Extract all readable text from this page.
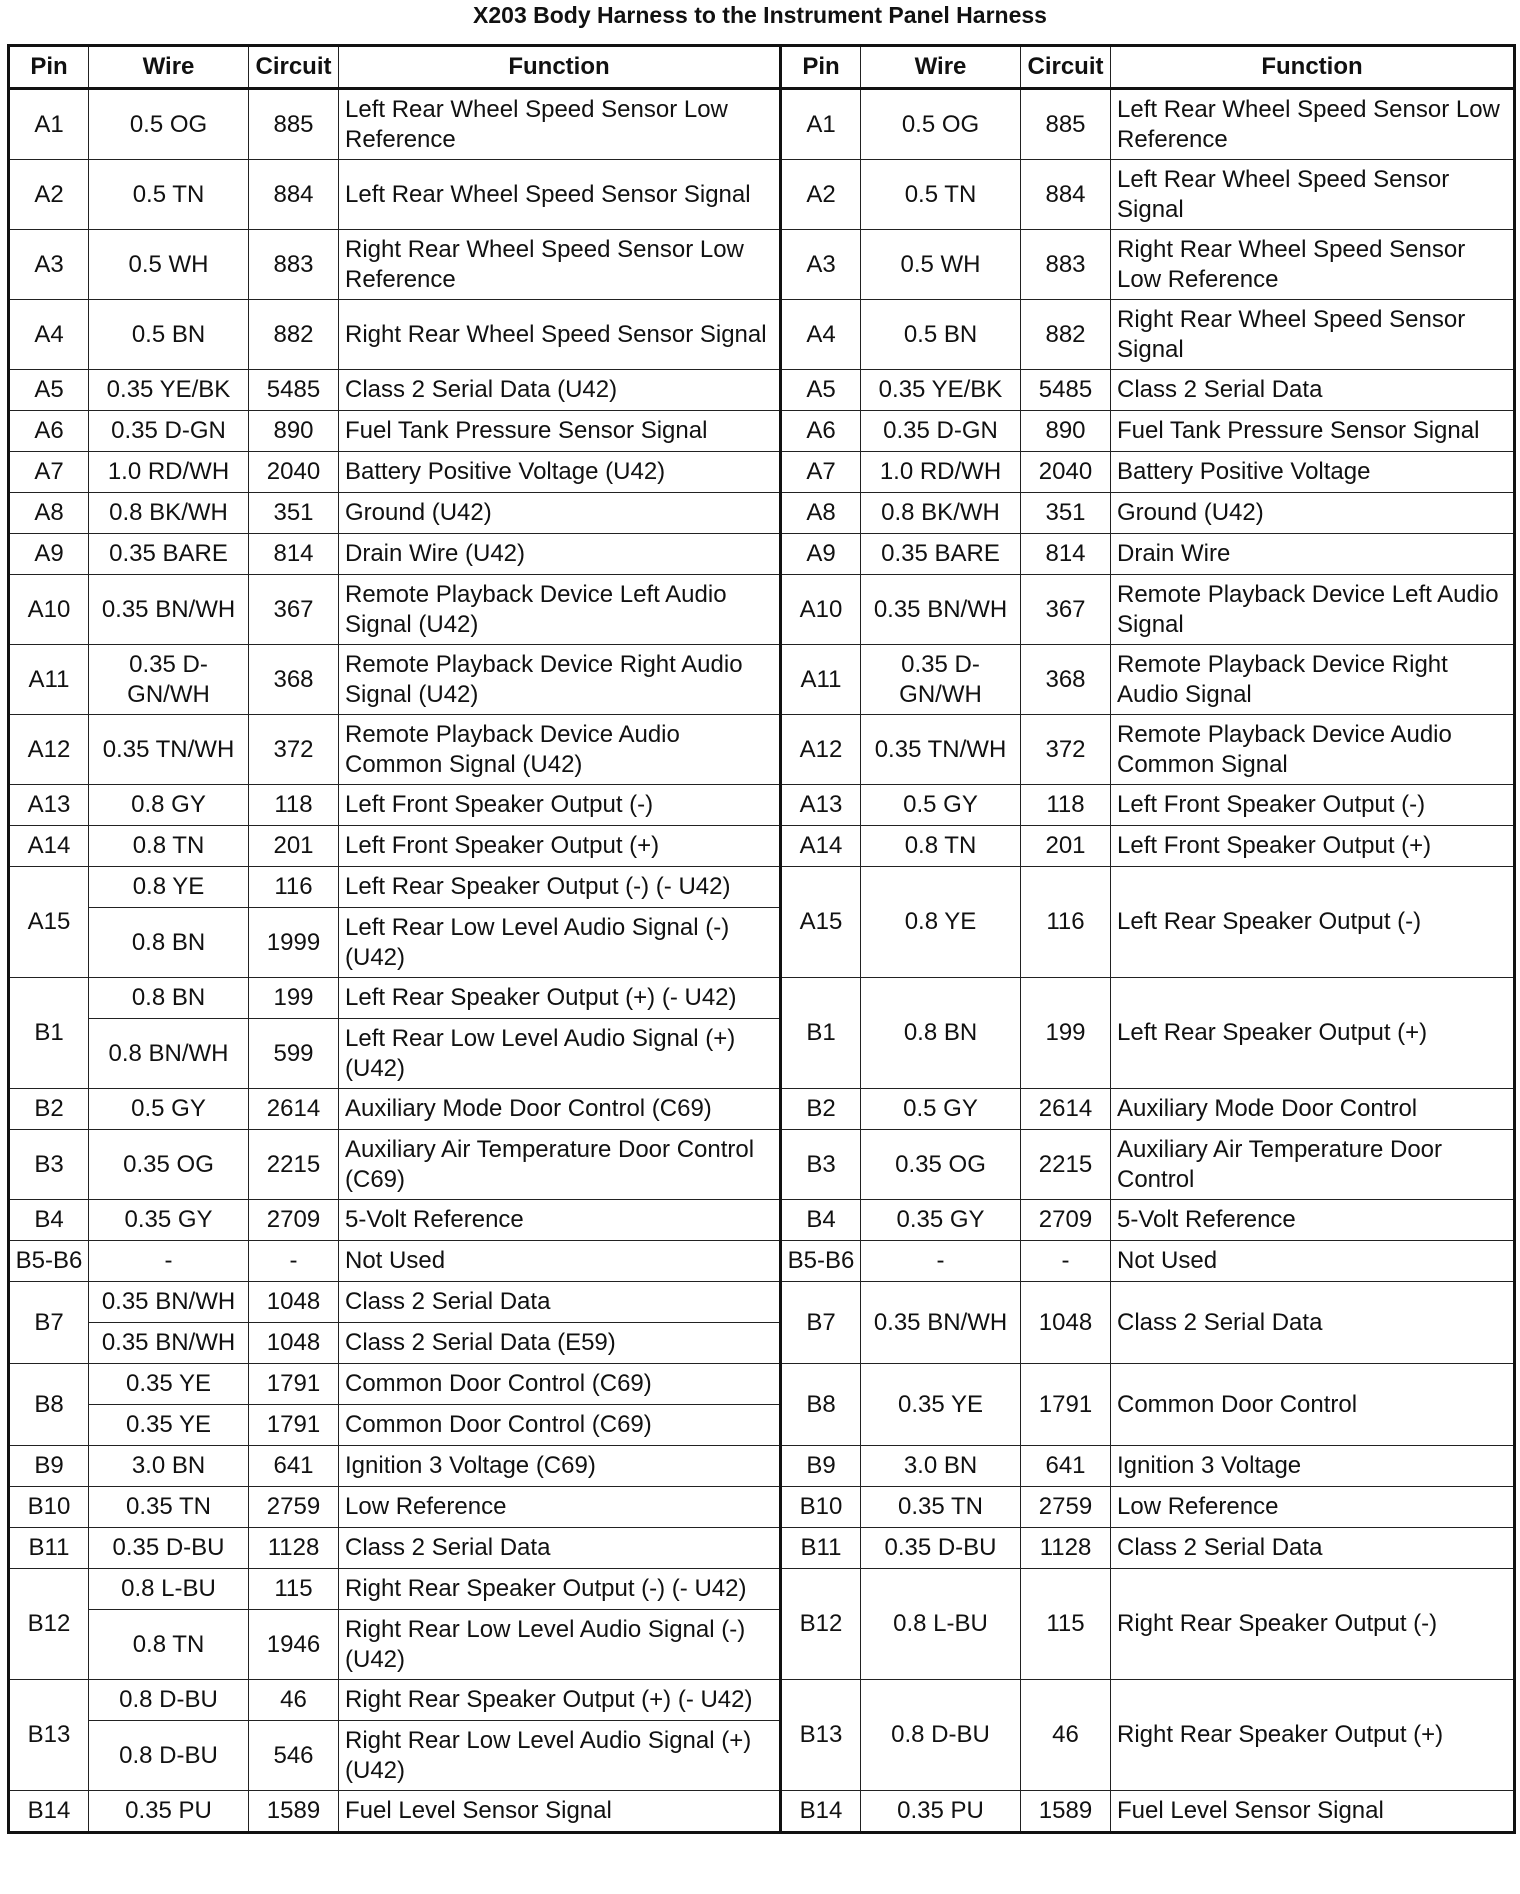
X203 Body Harness to the Instrument Panel Harness
Pin	Wire	Circuit	Function	Pin	Wire	Circuit	Function
A1	0.5 OG	885	Left Rear Wheel Speed Sensor Low Reference	A1	0.5 OG	885	Left Rear Wheel Speed Sensor Low Reference
A2	0.5 TN	884	Left Rear Wheel Speed Sensor Signal	A2	0.5 TN	884	Left Rear Wheel Speed Sensor Signal
A3	0.5 WH	883	Right Rear Wheel Speed Sensor Low Reference	A3	0.5 WH	883	Right Rear Wheel Speed Sensor Low Reference
A4	0.5 BN	882	Right Rear Wheel Speed Sensor Signal	A4	0.5 BN	882	Right Rear Wheel Speed Sensor Signal
A5	0.35 YE/BK	5485	Class 2 Serial Data (U42)	A5	0.35 YE/BK	5485	Class 2 Serial Data
A6	0.35 D-GN	890	Fuel Tank Pressure Sensor Signal	A6	0.35 D-GN	890	Fuel Tank Pressure Sensor Signal
A7	1.0 RD/WH	2040	Battery Positive Voltage (U42)	A7	1.0 RD/WH	2040	Battery Positive Voltage
A8	0.8 BK/WH	351	Ground (U42)	A8	0.8 BK/WH	351	Ground (U42)
A9	0.35 BARE	814	Drain Wire (U42)	A9	0.35 BARE	814	Drain Wire
A10	0.35 BN/WH	367	Remote Playback Device Left Audio Signal (U42)	A10	0.35 BN/WH	367	Remote Playback Device Left Audio Signal
A11	0.35 D-GN/WH	368	Remote Playback Device Right Audio Signal (U42)	A11	0.35 D-GN/WH	368	Remote Playback Device Right Audio Signal
A12	0.35 TN/WH	372	Remote Playback Device Audio Common Signal (U42)	A12	0.35 TN/WH	372	Remote Playback Device Audio Common Signal
A13	0.8 GY	118	Left Front Speaker Output (-)	A13	0.5 GY	118	Left Front Speaker Output (-)
A14	0.8 TN	201	Left Front Speaker Output (+)	A14	0.8 TN	201	Left Front Speaker Output (+)
A15	0.8 YE	116	Left Rear Speaker Output (-) (- U42)	A15	0.8 YE	116	Left Rear Speaker Output (-)
	0.8 BN	1999	Left Rear Low Level Audio Signal (-) (U42)				
B1	0.8 BN	199	Left Rear Speaker Output (+) (- U42)	B1	0.8 BN	199	Left Rear Speaker Output (+)
	0.8 BN/WH	599	Left Rear Low Level Audio Signal (+) (U42)				
B2	0.5 GY	2614	Auxiliary Mode Door Control (C69)	B2	0.5 GY	2614	Auxiliary Mode Door Control
B3	0.35 OG	2215	Auxiliary Air Temperature Door Control (C69)	B3	0.35 OG	2215	Auxiliary Air Temperature Door Control
B4	0.35 GY	2709	5-Volt Reference	B4	0.35 GY	2709	5-Volt Reference
B5-B6	-	-	Not Used	B5-B6	-	-	Not Used
B7	0.35 BN/WH	1048	Class 2 Serial Data	B7	0.35 BN/WH	1048	Class 2 Serial Data
	0.35 BN/WH	1048	Class 2 Serial Data (E59)				
B8	0.35 YE	1791	Common Door Control (C69)	B8	0.35 YE	1791	Common Door Control
	0.35 YE	1791	Common Door Control (C69)				
B9	3.0 BN	641	Ignition 3 Voltage (C69)	B9	3.0 BN	641	Ignition 3 Voltage
B10	0.35 TN	2759	Low Reference	B10	0.35 TN	2759	Low Reference
B11	0.35 D-BU	1128	Class 2 Serial Data	B11	0.35 D-BU	1128	Class 2 Serial Data
B12	0.8 L-BU	115	Right Rear Speaker Output (-) (- U42)	B12	0.8 L-BU	115	Right Rear Speaker Output (-)
	0.8 TN	1946	Right Rear Low Level Audio Signal (-) (U42)				
B13	0.8 D-BU	46	Right Rear Speaker Output (+) (- U42)	B13	0.8 D-BU	46	Right Rear Speaker Output (+)
	0.8 D-BU	546	Right Rear Low Level Audio Signal (+) (U42)				
B14	0.35 PU	1589	Fuel Level Sensor Signal	B14	0.35 PU	1589	Fuel Level Sensor Signal
